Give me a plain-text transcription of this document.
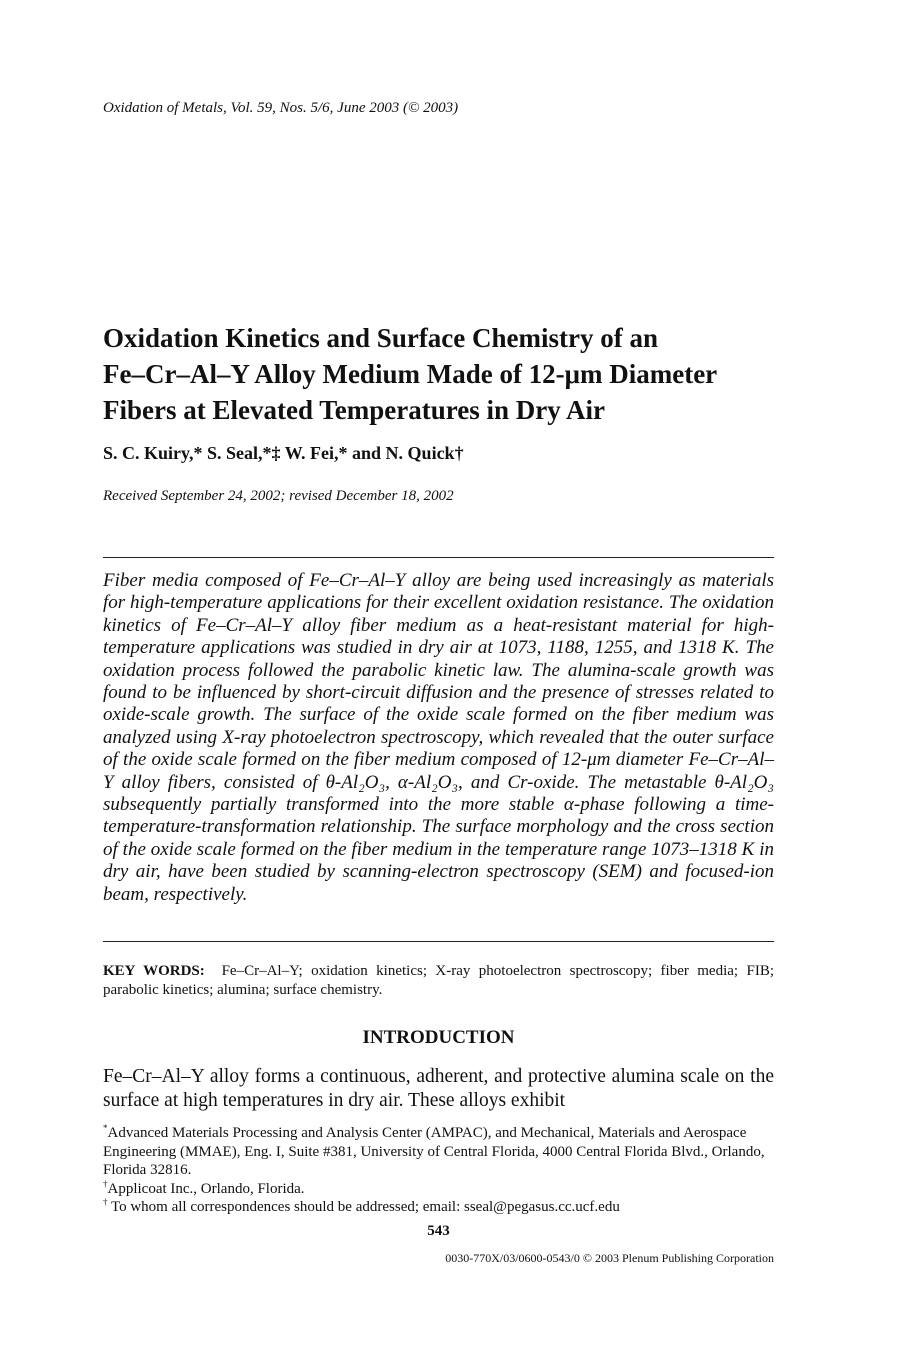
Oxidation of Metals, Vol. 59, Nos. 5/6, June 2003 (© 2003)
Oxidation Kinetics and Surface Chemistry of an
Fe–Cr–Al–Y Alloy Medium Made of 12-μm Diameter
Fibers at Elevated Temperatures in Dry Air
S. C. Kuiry,* S. Seal,*‡ W. Fei,* and N. Quick†
Received September 24, 2002; revised December 18, 2002
Fiber media composed of Fe–Cr–Al–Y alloy are being used increasingly as materials for high-temperature applications for their excellent oxidation resistance. The oxidation kinetics of Fe–Cr–Al–Y alloy fiber medium as a heat-resistant material for high-temperature applications was studied in dry air at 1073, 1188, 1255, and 1318 K. The oxidation process followed the parabolic kinetic law. The alumina-scale growth was found to be influenced by short-circuit diffusion and the presence of stresses related to oxide-scale growth. The surface of the oxide scale formed on the fiber medium was analyzed using X-ray photoelectron spectroscopy, which revealed that the outer surface of the oxide scale formed on the fiber medium composed of 12-μm diameter Fe–Cr–Al–Y alloy fibers, consisted of θ-Al₂O₃, α-Al₂O₃, and Cr-oxide. The metastable θ-Al₂O₃ subsequently partially transformed into the more stable α-phase following a time-temperature-transformation relationship. The surface morphology and the cross section of the oxide scale formed on the fiber medium in the temperature range 1073–1318 K in dry air, have been studied by scanning-electron spectroscopy (SEM) and focused-ion beam, respectively.
KEY WORDS: Fe–Cr–Al–Y; oxidation kinetics; X-ray photoelectron spectroscopy; fiber media; FIB; parabolic kinetics; alumina; surface chemistry.
INTRODUCTION
Fe–Cr–Al–Y alloy forms a continuous, adherent, and protective alumina scale on the surface at high temperatures in dry air. These alloys exhibit

*Advanced Materials Processing and Analysis Center (AMPAC), and Mechanical, Materials and Aerospace Engineering (MMAE), Eng. I, Suite #381, University of Central Florida, 4000 Central Florida Blvd., Orlando, Florida 32816.

†Applicoat Inc., Orlando, Florida.

† To whom all correspondences should be addressed; email: sseal@pegasus.cc.ucf.edu

543
0030-770X/03/0600-0543/0 © 2003 Plenum Publishing Corporation
